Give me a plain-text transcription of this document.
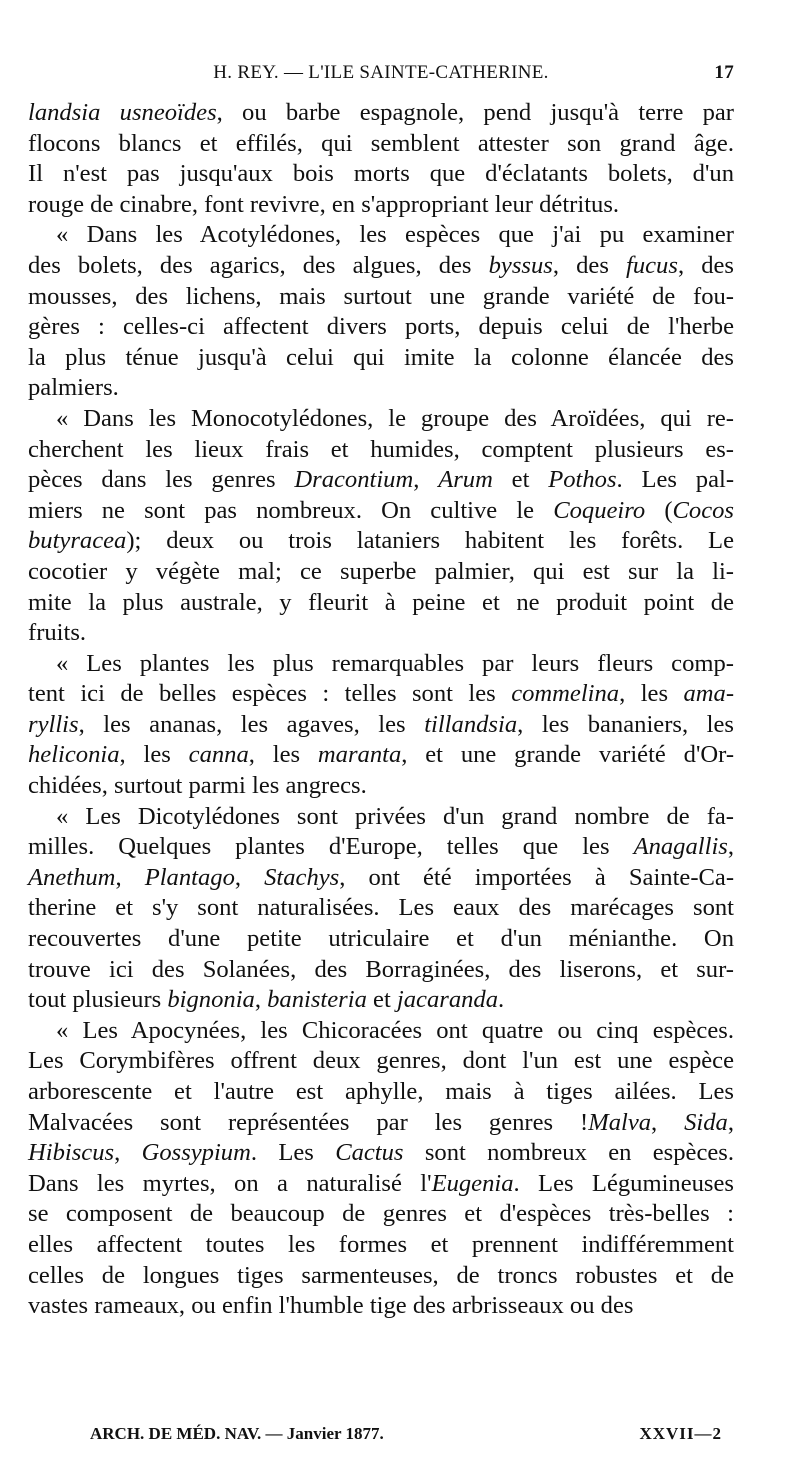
H. REY. — L'ILE SAINTE-CATHERINE.	17
landsia usneoïdes, ou barbe espagnole, pend jusqu'à terre par
flocons blancs et effilés, qui semblent attester son grand âge.
Il n'est pas jusqu'aux bois morts que d'éclatants bolets, d'un
rouge de cinabre, font revivre, en s'appropriant leur détritus.
« Dans les Acotylédones, les espèces que j'ai pu examiner
des bolets, des agarics, des algues, des byssus, des fucus, des
mousses, des lichens, mais surtout une grande variété de fou-
gères : celles-ci affectent divers ports, depuis celui de l'herbe
la plus ténue jusqu'à celui qui imite la colonne élancée des
palmiers.
« Dans les Monocotylédones, le groupe des Aroïdées, qui re-
cherchent les lieux frais et humides, comptent plusieurs es-
pèces dans les genres Dracontium, Arum et Pothos. Les pal-
miers ne sont pas nombreux. On cultive le Coqueiro (Cocos
butyracea); deux ou trois lataniers habitent les forêts. Le
cocotier y végète mal; ce superbe palmier, qui est sur la li-
mite la plus australe, y fleurit à peine et ne produit point de
fruits.
« Les plantes les plus remarquables par leurs fleurs comp-
tent ici de belles espèces : telles sont les commelina, les ama-
ryllis, les ananas, les agaves, les tillandsia, les bananiers, les
heliconia, les canna, les maranta, et une grande variété d'Or-
chidées, surtout parmi les angrecs.
« Les Dicotylédones sont privées d'un grand nombre de fa-
milles. Quelques plantes d'Europe, telles que les Anagallis,
Anethum, Plantago, Stachys, ont été importées à Sainte-Ca-
therine et s'y sont naturalisées. Les eaux des marécages sont
recouvertes d'une petite utriculaire et d'un ménianthe. On
trouve ici des Solanées, des Borraginées, des liserons, et sur-
tout plusieurs bignonia, banisteria et jacaranda.
« Les Apocynées, les Chicoracées ont quatre ou cinq espèces.
Les Corymbifères offrent deux genres, dont l'un est une espèce
arborescente et l'autre est aphylle, mais à tiges ailées. Les
Malvacées sont représentées par les genres !Malva, Sida,
Hibiscus, Gossypium. Les Cactus sont nombreux en espèces.
Dans les myrtes, on a naturalisé l'Eugenia. Les Légumineuses
se composent de beaucoup de genres et d'espèces très-belles :
elles affectent toutes les formes et prennent indifféremment
celles de longues tiges sarmenteuses, de troncs robustes et de
vastes rameaux, ou enfin l'humble tige des arbrisseaux ou des
ARCH. DE MÉD. NAV. — Janvier 1877.	XXVII—2
